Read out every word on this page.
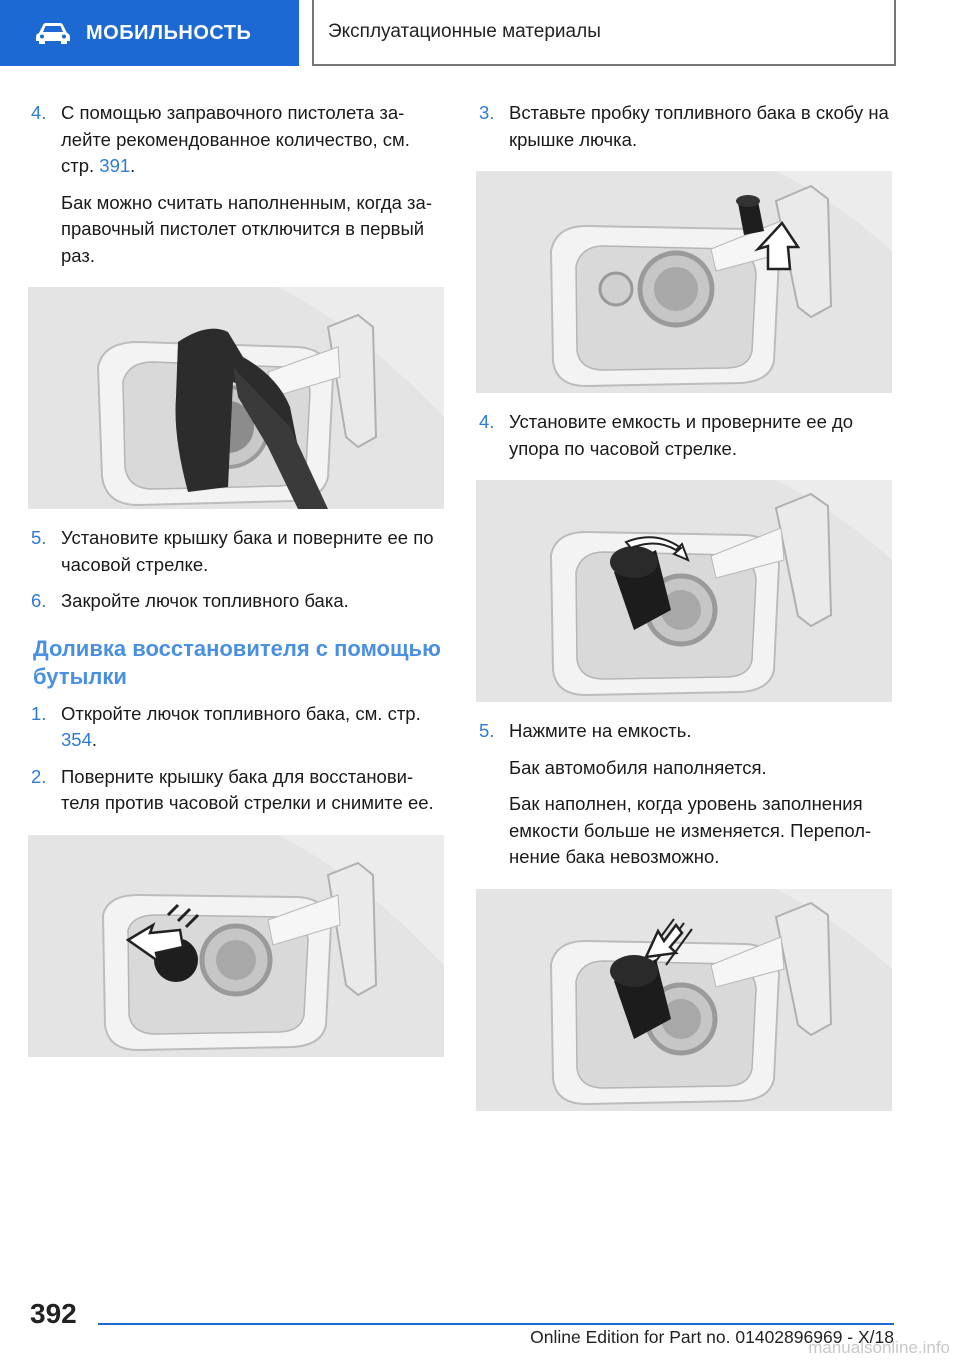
МОБИЛЬНОСТЬ	Эксплуатационные материалы
4. С помощью заправочного пистолета за-лейте рекомендованное количество, см. стр. 391.

Бак можно считать наполненным, когда за-правочный пистолет отключится в первый раз.

5. Установите крышку бака и поверните ее по часовой стрелке.

6. Закройте лючок топливного бака.

Доливка восстановителя с помощью бутылки
1. Откройте лючок топливного бака, см. стр. 354.

2. Поверните крышку бака для восстанови-теля против часовой стрелки и снимите ее.

3. Вставьте пробку топливного бака в скобу на крышке лючка.

4. Установите емкость и проверните ее до упора по часовой стрелке.

5. Нажмите на емкость.

Бак автомобиля наполняется.

Бак наполнен, когда уровень заполнения емкости больше не изменяется. Перепол-нение бака невозможно.

392
Online Edition for Part no. 01402896969 - X/18
manualsonline.info
